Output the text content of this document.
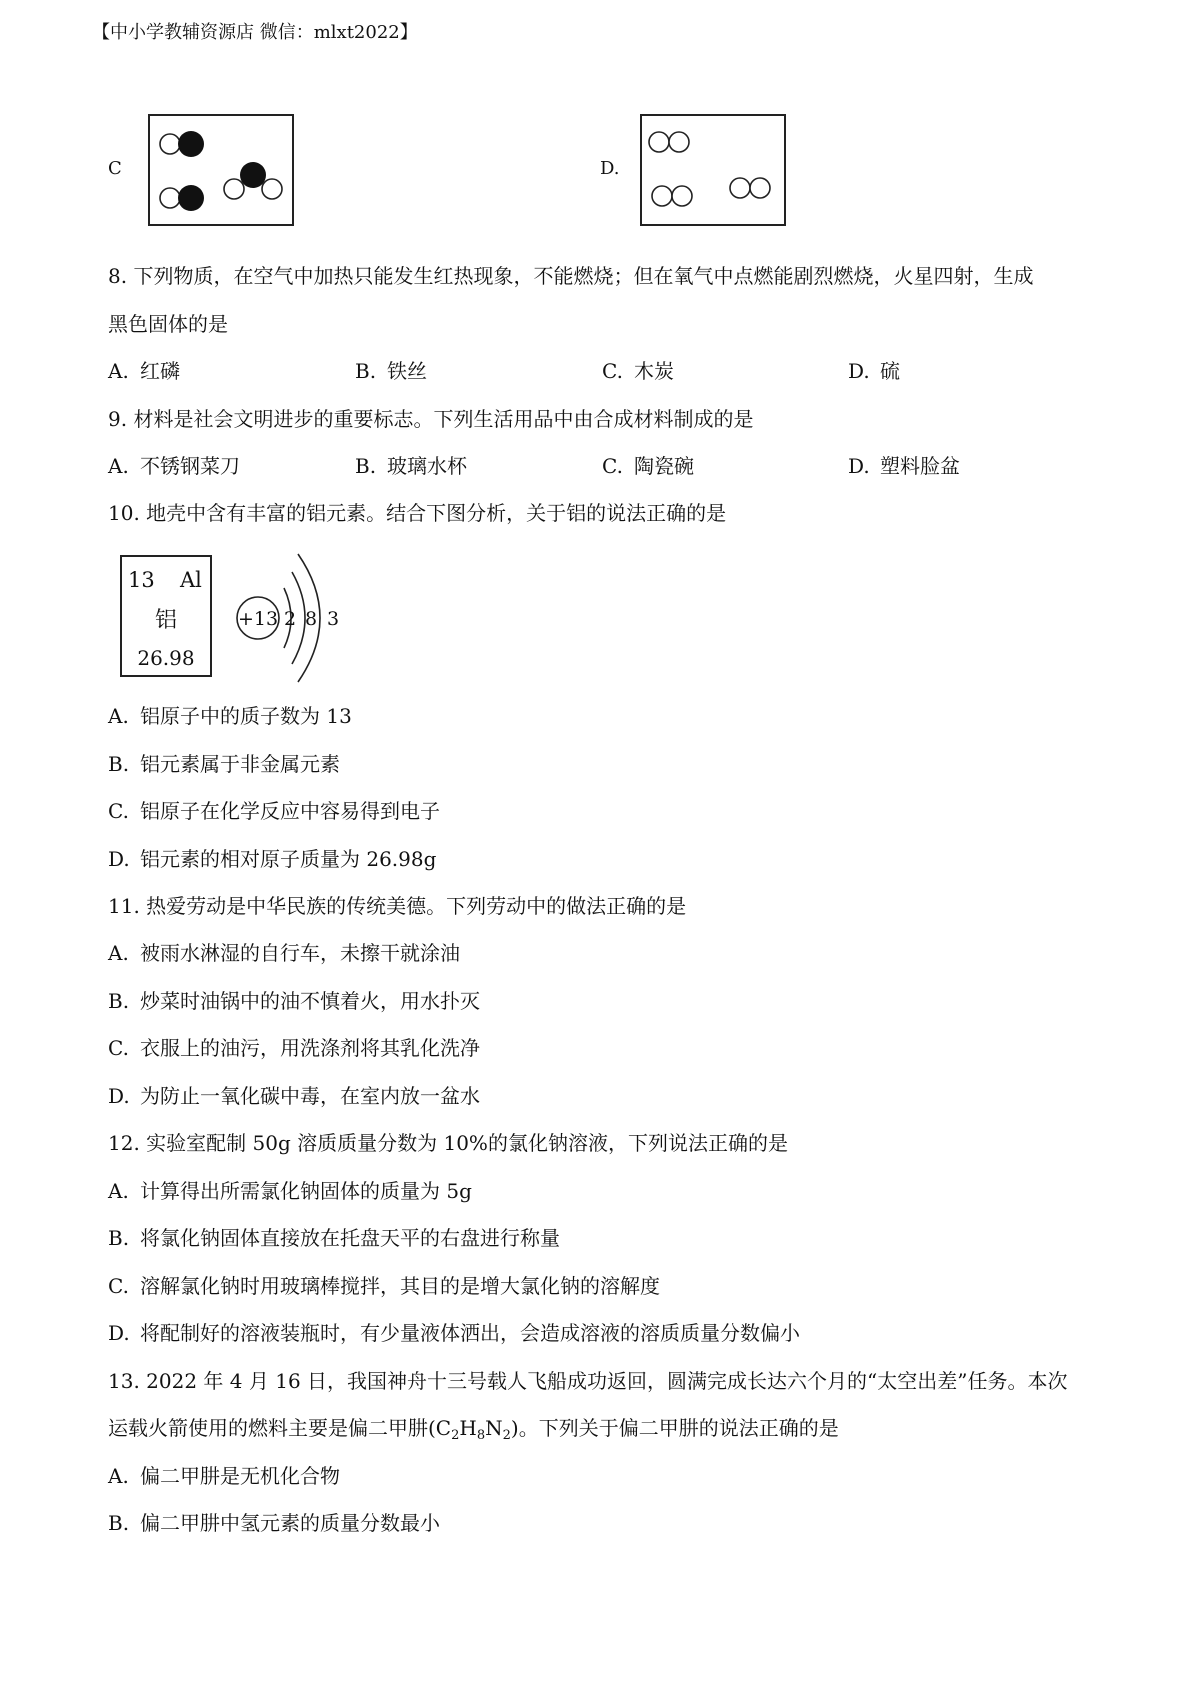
【中小学教辅资源店 微信：mlxt2022】
C	D.
8. 下列物质，在空气中加热只能发生红热现象，不能燃烧；但在氧气中点燃能剧烈燃烧，火星四射，生成
黑色固体的是
A. 红磷	B. 铁丝	C. 木炭	D. 硫
9. 材料是社会文明进步的重要标志。下列生活用品中由合成材料制成的是
A. 不锈钢菜刀	B. 玻璃水杯	C. 陶瓷碗	D. 塑料脸盆
10. 地壳中含有丰富的铝元素。结合下图分析，关于铝的说法正确的是
13 Al
铝
26.98
+13 2 8 3
A. 铝原子中的质子数为 13
B. 铝元素属于非金属元素
C. 铝原子在化学反应中容易得到电子
D. 铝元素的相对原子质量为 26.98g
11. 热爱劳动是中华民族的传统美德。下列劳动中的做法正确的是
A. 被雨水淋湿的自行车，未擦干就涂油
B. 炒菜时油锅中的油不慎着火，用水扑灭
C. 衣服上的油污，用洗涤剂将其乳化洗净
D. 为防止一氧化碳中毒，在室内放一盆水
12. 实验室配制 50g 溶质质量分数为 10%的氯化钠溶液，下列说法正确的是
A. 计算得出所需氯化钠固体的质量为 5g
B. 将氯化钠固体直接放在托盘天平的右盘进行称量
C. 溶解氯化钠时用玻璃棒搅拌，其目的是增大氯化钠的溶解度
D. 将配制好的溶液装瓶时，有少量液体洒出，会造成溶液的溶质质量分数偏小
13. 2022 年 4 月 16 日，我国神舟十三号载人飞船成功返回，圆满完成长达六个月的“太空出差”任务。本次
运载火箭使用的燃料主要是偏二甲肼$(C_2H_8N_2)$。下列关于偏二甲肼的说法正确的是
A. 偏二甲肼是无机化合物
B. 偏二甲肼中氢元素的质量分数最小
